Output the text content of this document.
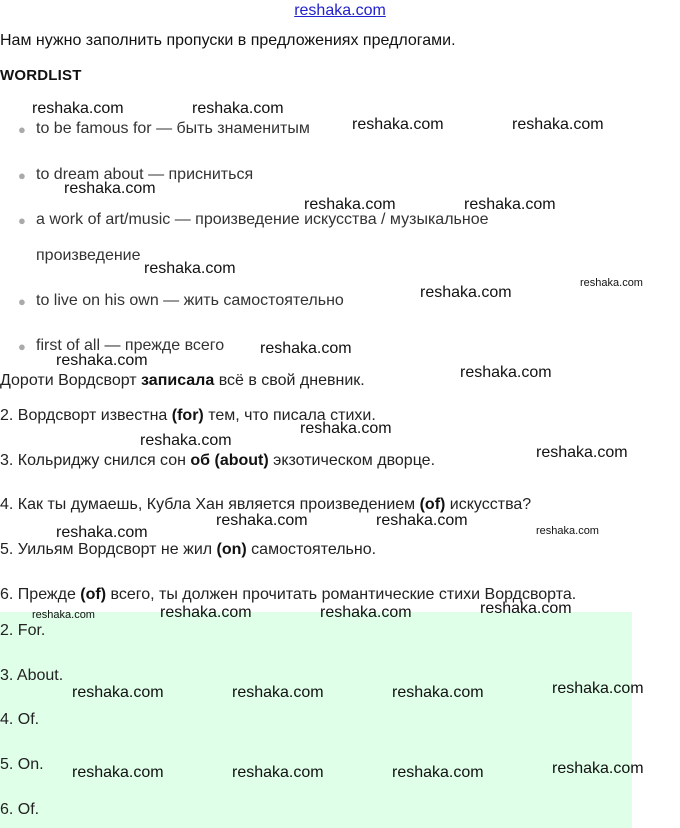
reshaka.com
Нам нужно заполнить пропуски в предложениях предлогами.
WORDLIST
● to be famous for — быть знаменитым
● to dream about — присниться
● a work of art/music — произведение искусства / музыкальное
произведение
● to live on his own — жить самостоятельно
● first of all — прежде всего
Дороти Вордсворт записала всё в свой дневник.
2. Вордсворт известна (for) тем, что писала стихи.
3. Кольриджу снился сон об (about) экзотическом дворце.
4. Как ты думаешь, Кубла Хан является произведением (of) искусства?
5. Уильям Вордсворт не жил (on) самостоятельно.
6. Прежде (of) всего, ты должен прочитать романтические стихи Вордсворта.
2. For.
3. About.
4. Of.
5. On.
6. Of.
reshaka.com	reshaka.com
reshaka.com	reshaka.com
reshaka.com
reshaka.com	reshaka.com
reshaka.com
reshaka.com
reshaka.com
reshaka.com
reshaka.com
reshaka.com
reshaka.com
reshaka.com
reshaka.com
reshaka.com	reshaka.com
reshaka.com
reshaka.com
reshaka.com	reshaka.com	reshaka.com	reshaka.com
reshaka.com	reshaka.com	reshaka.com	reshaka.com
reshaka.com	reshaka.com	reshaka.com	reshaka.com
